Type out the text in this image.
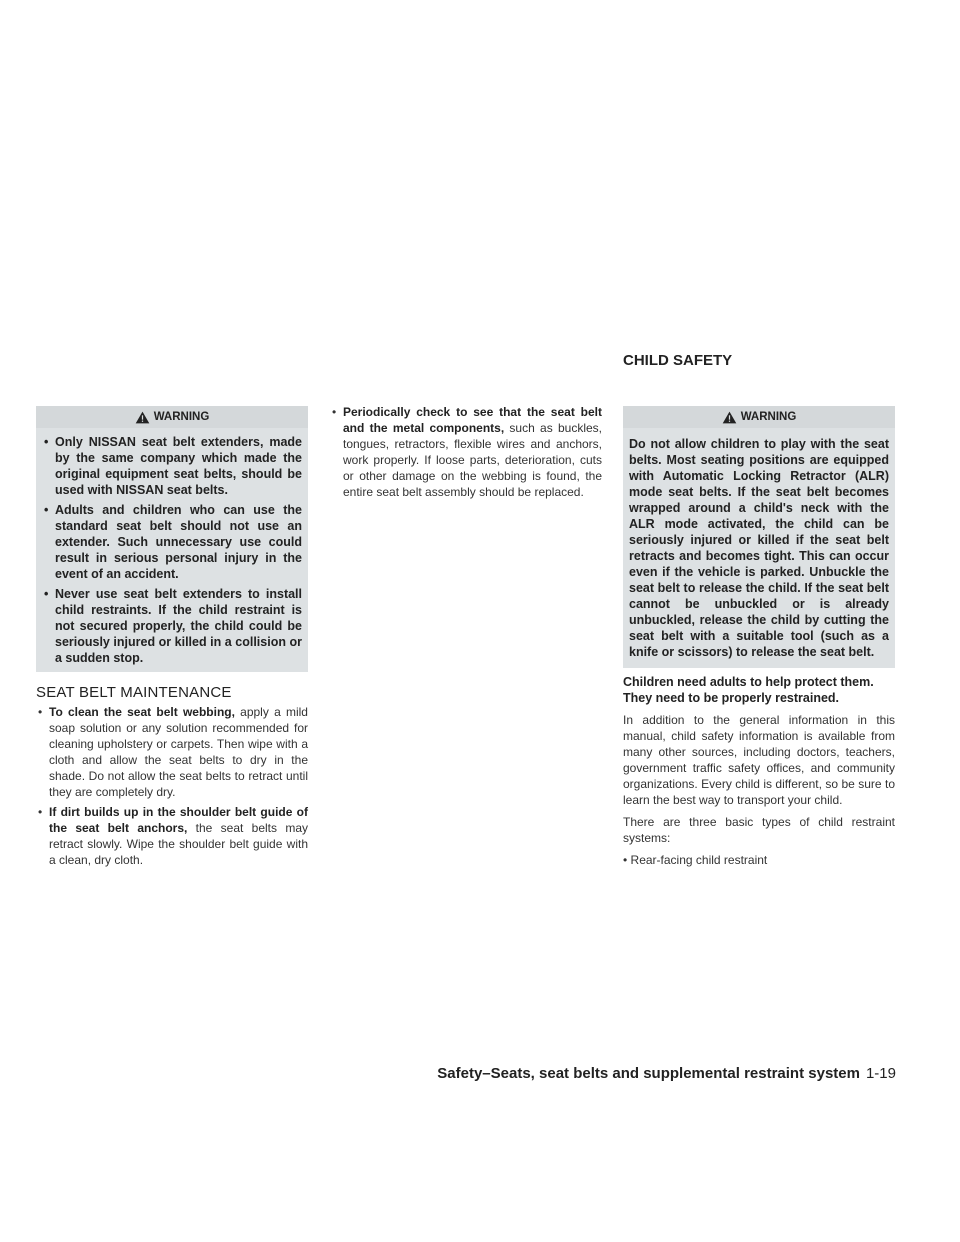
CHILD SAFETY
WARNING
• Only NISSAN seat belt extenders, made by the same company which made the original equipment seat belts, should be used with NISSAN seat belts.
• Adults and children who can use the standard seat belt should not use an extender. Such unnecessary use could result in serious personal injury in the event of an accident.
• Never use seat belt extenders to install child restraints. If the child restraint is not secured properly, the child could be seriously injured or killed in a collision or a sudden stop.
SEAT BELT MAINTENANCE
• To clean the seat belt webbing, apply a mild soap solution or any solution recommended for cleaning upholstery or carpets. Then wipe with a cloth and allow the seat belts to dry in the shade. Do not allow the seat belts to retract until they are completely dry.
• If dirt builds up in the shoulder belt guide of the seat belt anchors, the seat belts may retract slowly. Wipe the shoulder belt guide with a clean, dry cloth.
• Periodically check to see that the seat belt and the metal components, such as buckles, tongues, retractors, flexible wires and anchors, work properly. If loose parts, deterioration, cuts or other damage on the webbing is found, the entire seat belt assembly should be replaced.
WARNING
Do not allow children to play with the seat belts. Most seating positions are equipped with Automatic Locking Retractor (ALR) mode seat belts. If the seat belt becomes wrapped around a child's neck with the ALR mode activated, the child can be seriously injured or killed if the seat belt retracts and becomes tight. This can occur even if the vehicle is parked. Unbuckle the seat belt to release the child. If the seat belt cannot be unbuckled or is already unbuckled, release the child by cutting the seat belt with a suitable tool (such as a knife or scissors) to release the seat belt.
Children need adults to help protect them. They need to be properly restrained.
In addition to the general information in this manual, child safety information is available from many other sources, including doctors, teachers, government traffic safety offices, and community organizations. Every child is different, so be sure to learn the best way to transport your child.
There are three basic types of child restraint systems:
• Rear-facing child restraint
Safety–Seats, seat belts and supplemental restraint system 1-19
